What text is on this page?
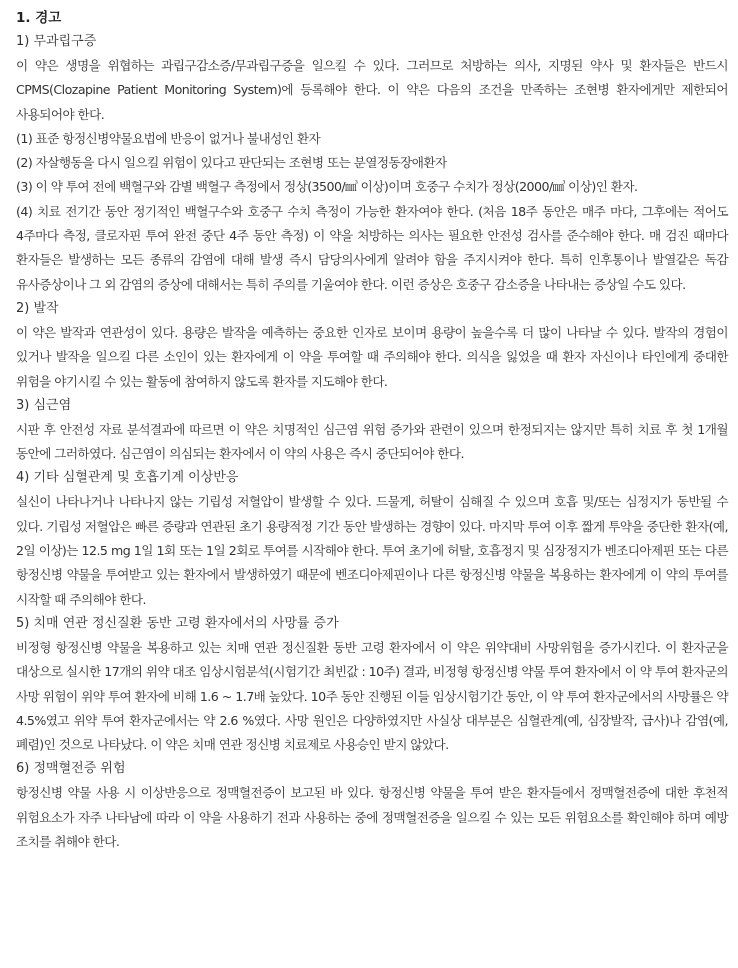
1. 경고
1) 무과립구증

이 약은 생명을 위협하는 과립구감소증/무과립구증을 일으킬 수 있다. 그러므로 처방하는 의사, 지명된 약사 및 환자들은 반드시 CPMS(Clozapine Patient Monitoring System)에 등록해야 한다. 이 약은 다음의 조건을 만족하는 조현병 환자에게만 제한되어 사용되어야 한다.

(1) 표준 항정신병약물요법에 반응이 없거나 불내성인 환자

(2) 자살행동을 다시 일으킬 위험이 있다고 판단되는 조현병 또는 분열정동장애환자

(3) 이 약 투여 전에 백혈구와 감별 백혈구 측정에서 정상(3500/㎣ 이상)이며 호중구 수치가 정상(2000/㎣ 이상)인 환자.

(4) 치료 전기간 동안 정기적인 백혈구수와 호중구 수치 측정이 가능한 환자여야 한다. (처음 18주 동안은 매주 마다, 그후에는 적어도 4주마다 측정, 클로자핀 투여 완전 중단 4주 동안 측정) 이 약을 처방하는 의사는 필요한 안전성 검사를 준수해야 한다. 매 검진 때마다 환자들은 발생하는 모든 종류의 감염에 대해 발생 즉시 담당의사에게 알려야 함을 주지시켜야 한다. 특히 인후통이나 발열같은 독감 유사증상이나 그 외 감염의 증상에 대해서는 특히 주의를 기울여야 한다. 이런 증상은 호중구 감소증을 나타내는 증상일 수도 있다.

2) 발작

이 약은 발작과 연관성이 있다. 용량은 발작을 예측하는 중요한 인자로 보이며 용량이 높을수록 더 많이 나타날 수 있다. 발작의 경험이 있거나 발작을 일으킬 다른 소인이 있는 환자에게 이 약을 투여할 때 주의해야 한다. 의식을 잃었을 때 환자 자신이나 타인에게 중대한 위험을 야기시킬 수 있는 활동에 참여하지 않도록 환자를 지도해야 한다.

3) 심근염

시판 후 안전성 자료 분석결과에 따르면 이 약은 치명적인 심근염 위험 증가와 관련이 있으며 한정되지는 않지만 특히 치료 후 첫 1개월 동안에 그러하였다. 심근염이 의심되는 환자에서 이 약의 사용은 즉시 중단되어야 한다.

4) 기타 심혈관계 및 호흡기계 이상반응

실신이 나타나거나 나타나지 않는 기립성 저혈압이 발생할 수 있다. 드물게, 허탈이 심해질 수 있으며 호흡 및/또는 심정지가 동반될 수 있다. 기립성 저혈압은 빠른 증량과 연관된 초기 용량적정 기간 동안 발생하는 경향이 있다. 마지막 투여 이후 짧게 투약을 중단한 환자(예, 2일 이상)는 12.5 mg 1일 1회 또는 1일 2회로 투여를 시작해야 한다. 투여 초기에 허탈, 호흡정지 및 심장정지가 벤조디아제핀 또는 다른 항정신병 약물을 투여받고 있는 환자에서 발생하였기 때문에 벤조디아제핀이나 다른 항정신병 약물을 복용하는 환자에게 이 약의 투여를 시작할 때 주의해야 한다.

5) 치매 연관 정신질환 동반 고령 환자에서의 사망률 증가

비정형 항정신병 약물을 복용하고 있는 치매 연관 정신질환 동반 고령 환자에서 이 약은 위약대비 사망위험을 증가시킨다. 이 환자군을 대상으로 실시한 17개의 위약 대조 임상시험분석(시험기간 최빈값 : 10주) 결과, 비정형 항정신병 약물 투여 환자에서 이 약 투여 환자군의 사망 위험이 위약 투여 환자에 비해 1.6 ~ 1.7배 높았다. 10주 동안 진행된 이들 임상시험기간 동안, 이 약 투여 환자군에서의 사망률은 약 4.5%였고 위약 투여 환자군에서는 약 2.6 %였다. 사망 원인은 다양하였지만 사실상 대부분은 심혈관계(예, 심장발작, 급사)나 감염(예, 폐렴)인 것으로 나타났다. 이 약은 치매 연관 정신병 치료제로 사용승인 받지 않았다.

6) 정맥혈전증 위험

항정신병 약물 사용 시 이상반응으로 정맥혈전증이 보고된 바 있다. 항정신병 약물을 투여 받은 환자들에서 정맥혈전증에 대한 후천적 위험요소가 자주 나타남에 따라 이 약을 사용하기 전과 사용하는 중에 정맥혈전증을 일으킬 수 있는 모든 위험요소를 확인해야 하며 예방 조치를 취해야 한다.
